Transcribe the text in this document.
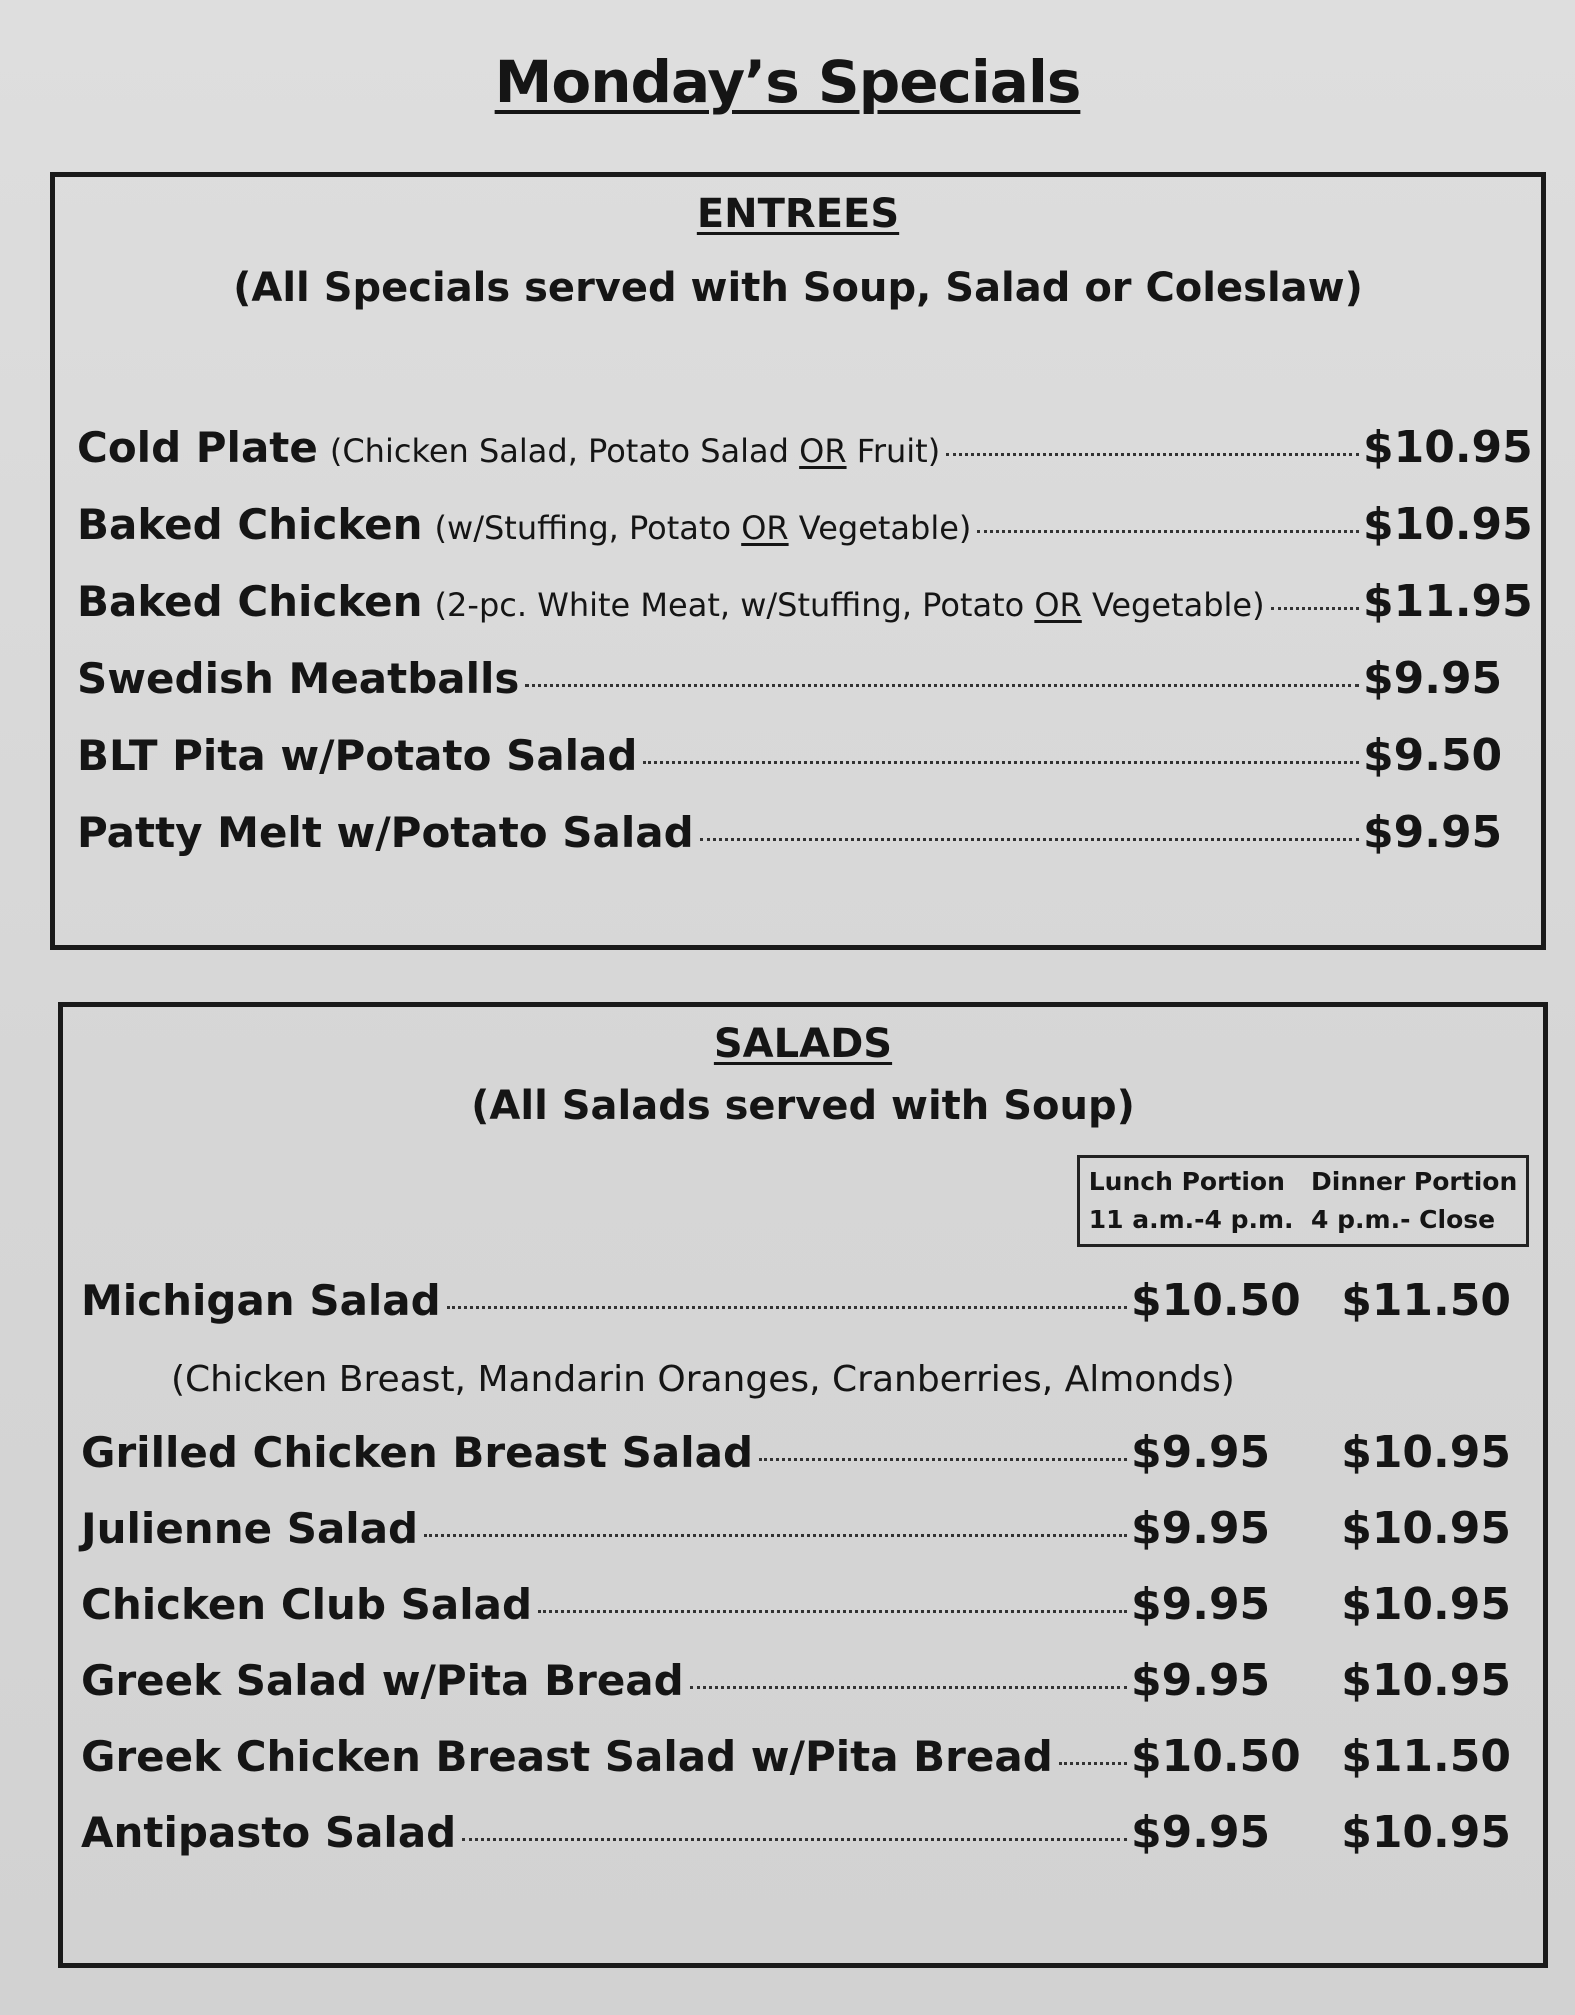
Monday’s Specials
ENTREES
(All Specials served with Soup, Salad or Coleslaw)
Cold Plate (Chicken Salad, Potato Salad OR Fruit)	$10.95
Baked Chicken (w/Stuffing, Potato OR Vegetable)	$10.95
Baked Chicken (2-pc. White Meat, w/Stuffing, Potato OR Vegetable) $11.95
Swedish Meatballs	$9.95
BLT Pita w/Potato Salad	$9.50
Patty Melt w/Potato Salad	$9.95
SALADS
(All Salads served with Soup)
Lunch Portion
11 a.m.-4 p.m.
Dinner Portion
4 p.m.- Close
Michigan Salad	$10.50 $11.50
(Chicken Breast, Mandarin Oranges, Cranberries, Almonds)
Grilled Chicken Breast Salad	$9.95	$10.95
Julienne Salad	$9.95	$10.95
Chicken Club Salad	$9.95	$10.95
Greek Salad w/Pita Bread	$9.95	$10.95
Greek Chicken Breast Salad w/Pita Bread $10.50 $11.50
Antipasto Salad	$9.95	$10.95
